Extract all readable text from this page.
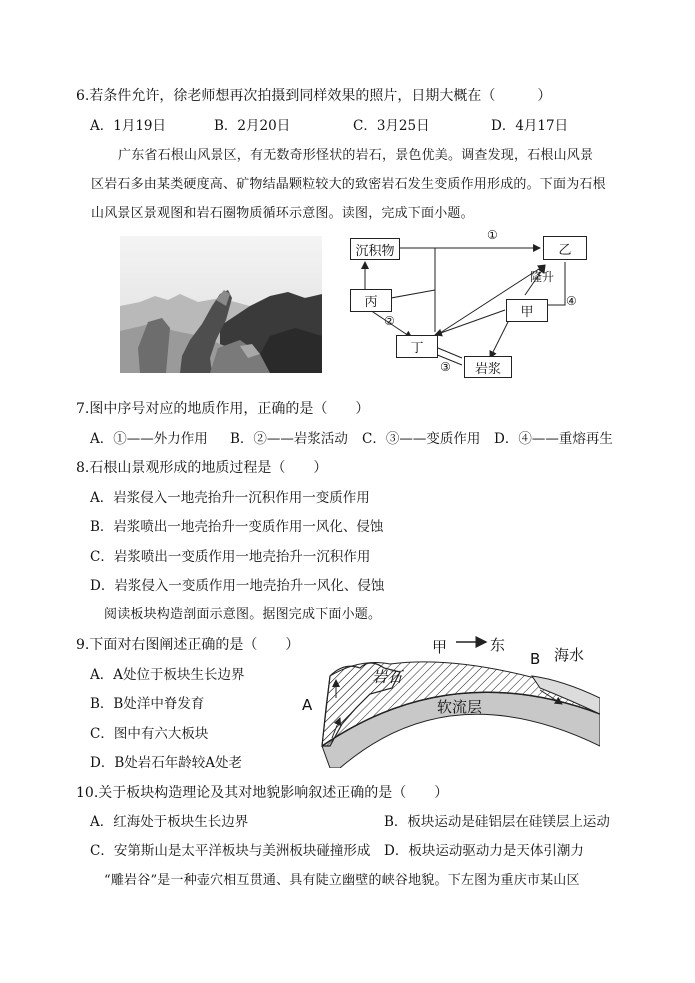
6.若条件允许，徐老师想再次拍摄到同样效果的照片，日期大概在（　　　）
A．1月19日	B．2月20日	C．3月25日	D．4月17日
广东省石根山风景区，有无数奇形怪状的岩石，景色优美。调查发现，石根山风景
区岩石多由某类硬度高、矿物结晶颗粒较大的致密岩石发生变质作用形成的。下面为石根
山风景区景观图和岩石圈物质循环示意图。读图，完成下面小题。
沉积物	乙
丙
甲
丁
岩浆
①
②
③
④
隆升
7.图中序号对应的地质作用，正确的是（　　）
A．①——外力作用 B．②——岩浆活动 C．③——变质作用 D．④——重熔再生
8.石根山景观形成的地质过程是（　　）
A．岩浆侵入一地壳抬升一沉积作用一变质作用
B．岩浆喷出一地壳抬升一变质作用一风化、侵蚀
C．岩浆喷出一变质作用一地壳抬升一沉积作用
D．岩浆侵入一变质作用一地壳抬升一风化、侵蚀
阅读板块构造剖面示意图。据图完成下面小题。
9.下面对右图阐述正确的是（　　）
A．A处位于板块生长边界
B．B处洋中脊发育
C．图中有六大板块
D．B处岩石年龄较A处老
甲	东
岩石
海水
A
B
软流层
10.关于板块构造理论及其对地貌影响叙述正确的是（　　）
A．红海处于板块生长边界	B．板块运动是硅铝层在硅镁层上运动
C．安第斯山是太平洋板块与美洲板块碰撞形成 D．板块运动驱动力是天体引潮力
“雕岩谷”是一种壶穴相互贯通、具有陡立幽壁的峡谷地貌。下左图为重庆市某山区
